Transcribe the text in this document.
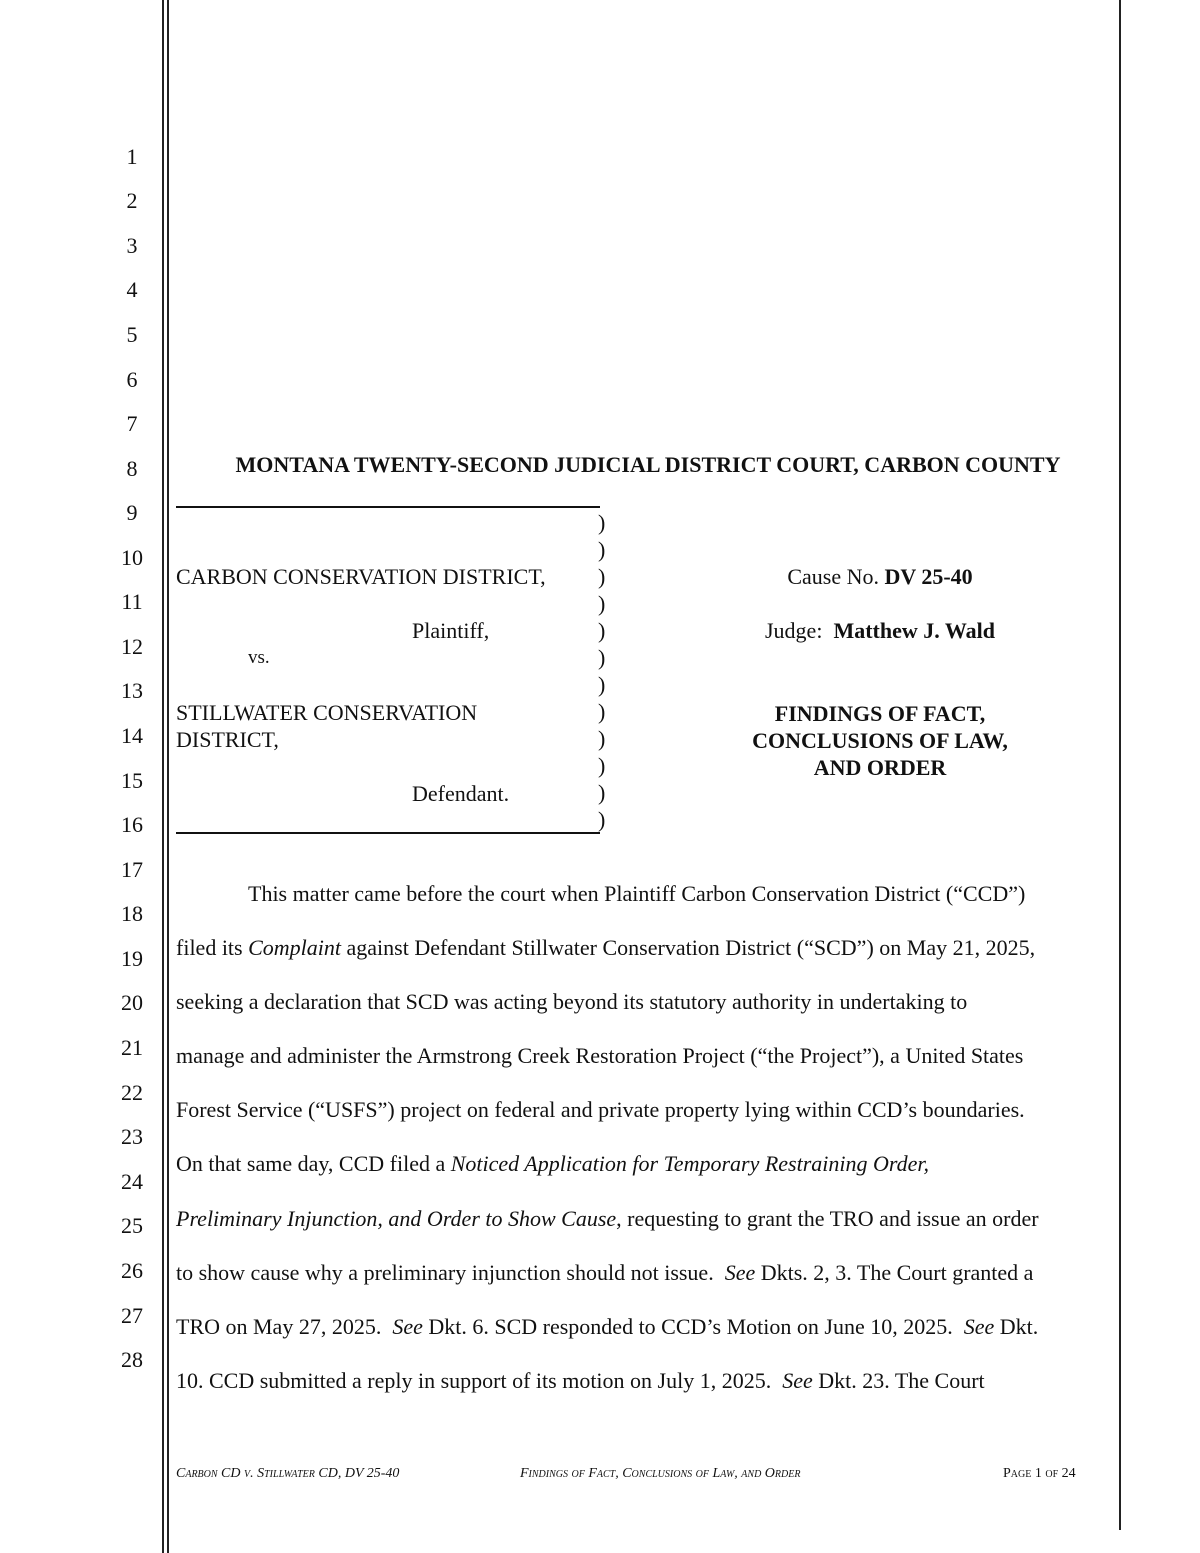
1
2
3
4
5
6
7
8
9
10
11
12
13
14
15
16
17
18
19
20
21
22
23
24
25
26
27
28
MONTANA TWENTY-SECOND JUDICIAL DISTRICT COURT, CARBON COUNTY
CARBON CONSERVATION DISTRICT,
Plaintiff,
vs.
STILLWATER CONSERVATION
DISTRICT,
Defendant.
)
)
)
)
)
)
)
)
)
)
)
)
Cause No. DV 25-40
Judge: Matthew J. Wald
FINDINGS OF FACT,
CONCLUSIONS OF LAW,
AND ORDER
This matter came before the court when Plaintiff Carbon Conservation District (“CCD”)
filed its Complaint against Defendant Stillwater Conservation District (“SCD”) on May 21, 2025,
seeking a declaration that SCD was acting beyond its statutory authority in undertaking to
manage and administer the Armstrong Creek Restoration Project (“the Project”), a United States
Forest Service (“USFS”) project on federal and private property lying within CCD’s boundaries.
On that same day, CCD filed a Noticed Application for Temporary Restraining Order,
Preliminary Injunction, and Order to Show Cause, requesting to grant the TRO and issue an order
to show cause why a preliminary injunction should not issue.  See Dkts. 2, 3. The Court granted a
TRO on May 27, 2025.  See Dkt. 6. SCD responded to CCD’s Motion on June 10, 2025.  See Dkt.
10. CCD submitted a reply in support of its motion on July 1, 2025.  See Dkt. 23. The Court
Carbon CD v. Stillwater CD, DV 25-40	Findings of Fact, Conclusions of Law, and Order	Page 1 of 24
